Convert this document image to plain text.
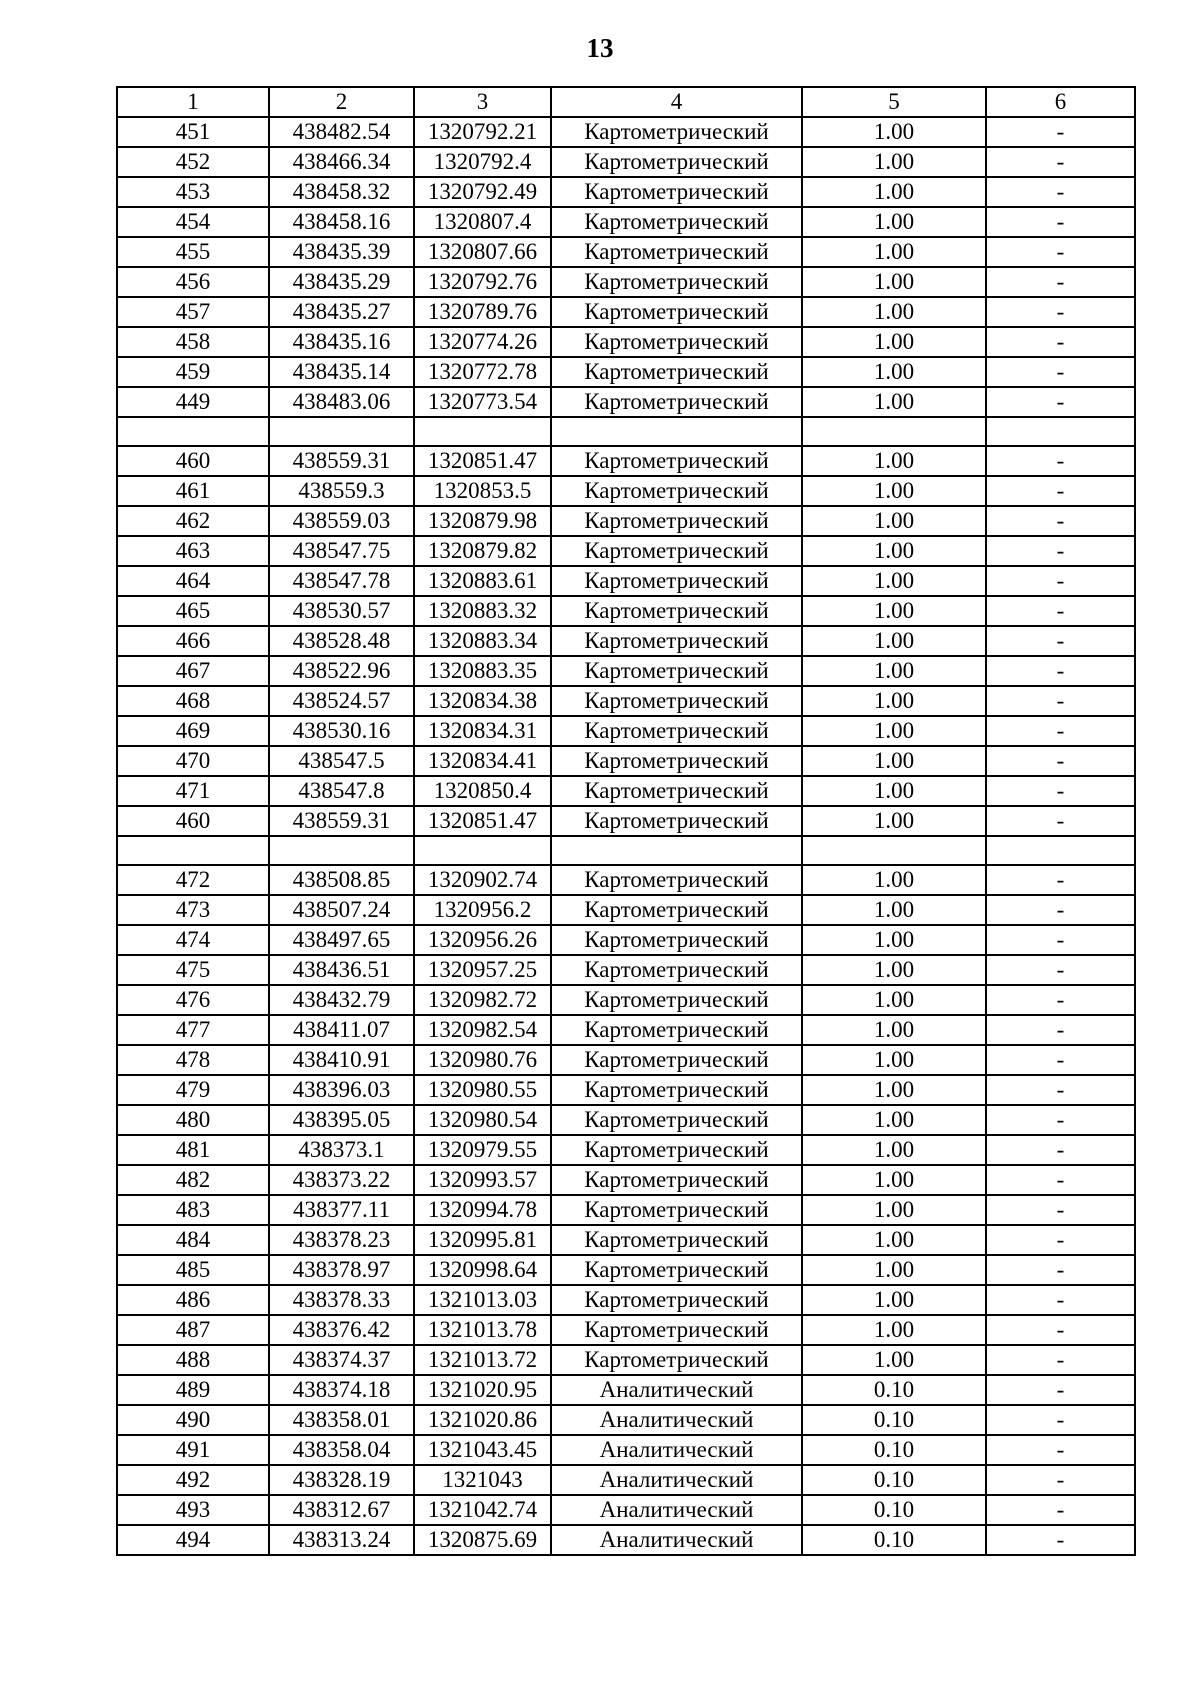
13
1	2	3	4	5	6
451	438482.54	1320792.21	Картометрический	1.00	-
452	438466.34	1320792.4	Картометрический	1.00	-
453	438458.32	1320792.49	Картометрический	1.00	-
454	438458.16	1320807.4	Картометрический	1.00	-
455	438435.39	1320807.66	Картометрический	1.00	-
456	438435.29	1320792.76	Картометрический	1.00	-
457	438435.27	1320789.76	Картометрический	1.00	-
458	438435.16	1320774.26	Картометрический	1.00	-
459	438435.14	1320772.78	Картометрический	1.00	-
449	438483.06	1320773.54	Картометрический	1.00	-

460	438559.31	1320851.47	Картометрический	1.00	-
461	438559.3	1320853.5	Картометрический	1.00	-
462	438559.03	1320879.98	Картометрический	1.00	-
463	438547.75	1320879.82	Картометрический	1.00	-
464	438547.78	1320883.61	Картометрический	1.00	-
465	438530.57	1320883.32	Картометрический	1.00	-
466	438528.48	1320883.34	Картометрический	1.00	-
467	438522.96	1320883.35	Картометрический	1.00	-
468	438524.57	1320834.38	Картометрический	1.00	-
469	438530.16	1320834.31	Картометрический	1.00	-
470	438547.5	1320834.41	Картометрический	1.00	-
471	438547.8	1320850.4	Картометрический	1.00	-
460	438559.31	1320851.47	Картометрический	1.00	-

472	438508.85	1320902.74	Картометрический	1.00	-
473	438507.24	1320956.2	Картометрический	1.00	-
474	438497.65	1320956.26	Картометрический	1.00	-
475	438436.51	1320957.25	Картометрический	1.00	-
476	438432.79	1320982.72	Картометрический	1.00	-
477	438411.07	1320982.54	Картометрический	1.00	-
478	438410.91	1320980.76	Картометрический	1.00	-
479	438396.03	1320980.55	Картометрический	1.00	-
480	438395.05	1320980.54	Картометрический	1.00	-
481	438373.1	1320979.55	Картометрический	1.00	-
482	438373.22	1320993.57	Картометрический	1.00	-
483	438377.11	1320994.78	Картометрический	1.00	-
484	438378.23	1320995.81	Картометрический	1.00	-
485	438378.97	1320998.64	Картометрический	1.00	-
486	438378.33	1321013.03	Картометрический	1.00	-
487	438376.42	1321013.78	Картометрический	1.00	-
488	438374.37	1321013.72	Картометрический	1.00	-
489	438374.18	1321020.95	Аналитический	0.10	-
490	438358.01	1321020.86	Аналитический	0.10	-
491	438358.04	1321043.45	Аналитический	0.10	-
492	438328.19	1321043	Аналитический	0.10	-
493	438312.67	1321042.74	Аналитический	0.10	-
494	438313.24	1320875.69	Аналитический	0.10	-
